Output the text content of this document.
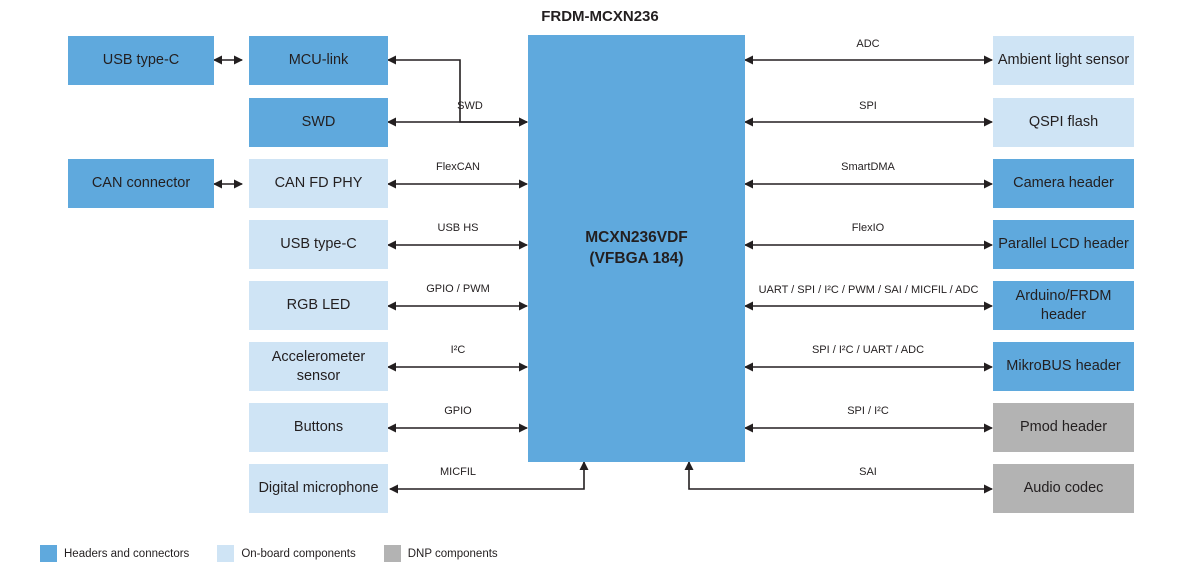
FRDM-MCXN236
MCXN236VDF
(VFBGA 184)
USB type-C
CAN connector
MCU-link
SWD
CAN FD PHY
USB type-C
RGB LED
Accelerometer sensor
Buttons
Digital microphone
SWD
FlexCAN
USB HS
GPIO / PWM
I²C
GPIO
MICFIL
Ambient light sensor
QSPI flash
Camera header
Parallel LCD header
Arduino/FRDM header
MikroBUS header
Pmod header
Audio codec
ADC
SPI
SmartDMA
FlexIO
UART / SPI / I²C / PWM / SAI / MICFIL / ADC
SPI / I²C / UART / ADC
SPI / I²C
SAI
Headers and connectors	On-board components	DNP components
